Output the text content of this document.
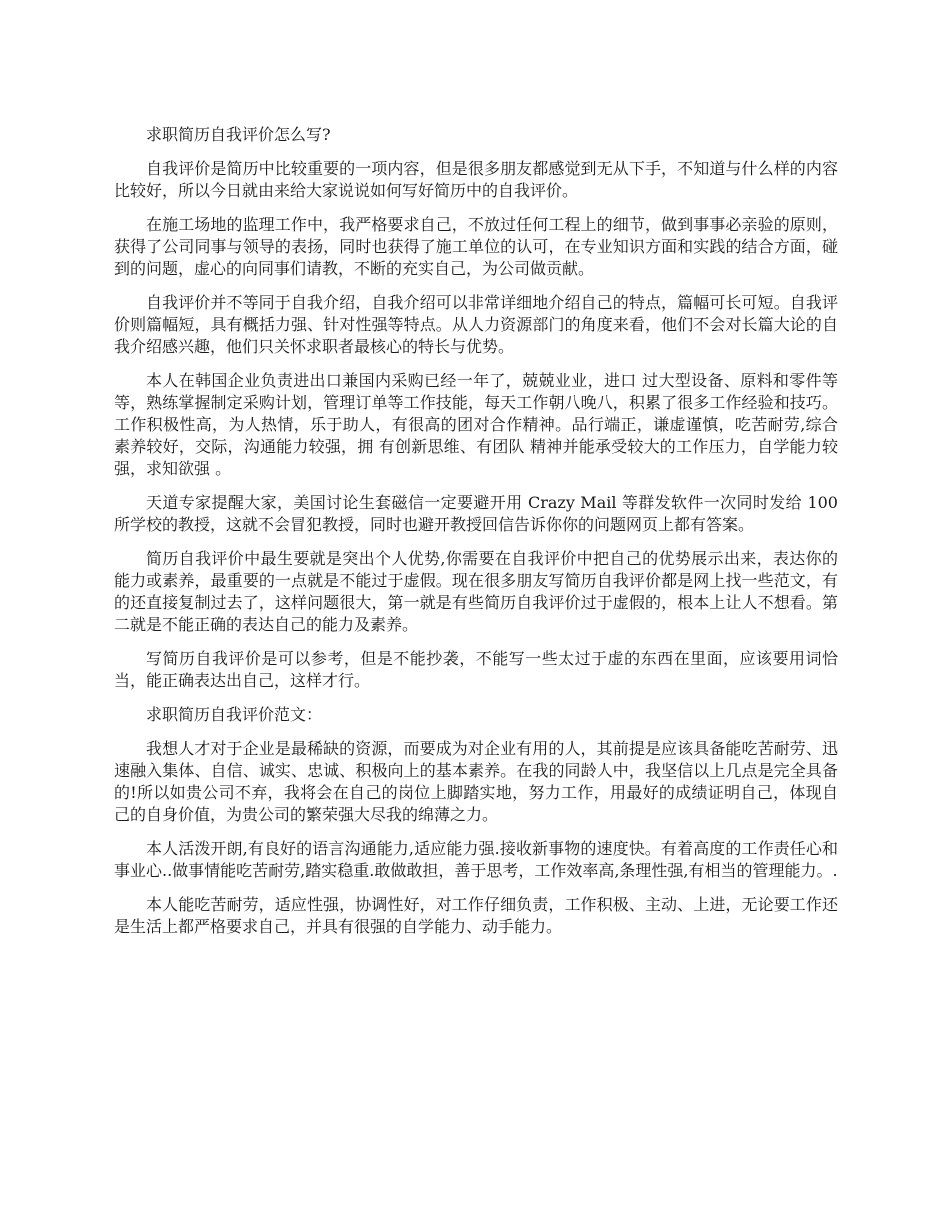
求职简历自我评价怎么写?

自我评价是简历中比较重要的一项内容，但是很多朋友都感觉到无从下手，不知道与什么样的内容比较好，所以今日就由来给大家说说如何写好简历中的自我评价。

在施工场地的监理工作中，我严格要求自己，不放过任何工程上的细节，做到事事必亲验的原则，获得了公司同事与领导的表扬，同时也获得了施工单位的认可，在专业知识方面和实践的结合方面，碰到的问题，虚心的向同事们请教，不断的充实自己，为公司做贡献。

自我评价并不等同于自我介绍，自我介绍可以非常详细地介绍自己的特点，篇幅可长可短。自我评价则篇幅短，具有概括力强、针对性强等特点。从人力资源部门的角度来看，他们不会对长篇大论的自我介绍感兴趣，他们只关怀求职者最核心的特长与优势。

本人在韩国企业负责进出口兼国内采购已经一年了，兢兢业业，进口 过大型设备、原料和零件等等，熟练掌握制定采购计划，管理订单等工作技能，每天工作朝八晚八，积累了很多工作经验和技巧。工作积极性高，为人热情，乐于助人，有很高的团对合作精神。品行端正，谦虚谨慎，吃苦耐劳,综合素养较好，交际，沟通能力较强，拥 有创新思维、有团队 精神并能承受较大的工作压力，自学能力较强，求知欲强 。

天道专家提醒大家，美国讨论生套磁信一定要避开用 Crazy Mail 等群发软件一次同时发给 100 所学校的教授，这就不会冒犯教授，同时也避开教授回信告诉你你的问题网页上都有答案。

简历自我评价中最生要就是突出个人优势,你需要在自我评价中把自己的优势展示出来，表达你的能力或素养，最重要的一点就是不能过于虚假。现在很多朋友写简历自我评价都是网上找一些范文，有的还直接复制过去了，这样问题很大，第一就是有些简历自我评价过于虚假的，根本上让人不想看。第二就是不能正确的表达自己的能力及素养。

写简历自我评价是可以参考，但是不能抄袭，不能写一些太过于虚的东西在里面，应该要用词恰当，能正确表达出自己，这样才行。

求职简历自我评价范文：

我想人才对于企业是最稀缺的资源，而要成为对企业有用的人，其前提是应该具备能吃苦耐劳、迅速融入集体、自信、诚实、忠诚、积极向上的基本素养。在我的同龄人中，我坚信以上几点是完全具备的!所以如贵公司不弃，我将会在自己的岗位上脚踏实地，努力工作，用最好的成绩证明自己，体现自己的自身价值，为贵公司的繁荣强大尽我的绵薄之力。

本人活泼开朗,有良好的语言沟通能力,适应能力强.接收新事物的速度快。有着高度的工作责任心和事业心..做事情能吃苦耐劳,踏实稳重.敢做敢担，善于思考，工作效率高,条理性强,有相当的管理能力。.

本人能吃苦耐劳，适应性强，协调性好，对工作仔细负责，工作积极、主动、上进，无论要工作还是生活上都严格要求自己，并具有很强的自学能力、动手能力。
